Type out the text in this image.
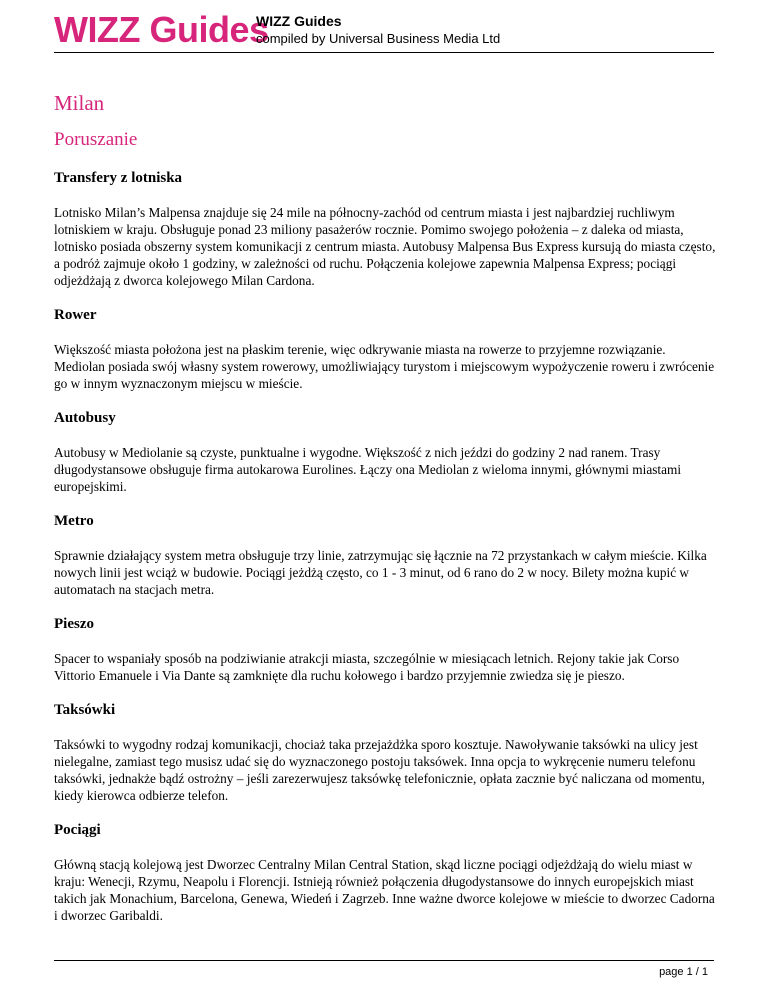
WIZZ Guides
WIZZ Guides
compiled by Universal Business Media Ltd
Milan
Poruszanie
Transfery z lotniska

Lotnisko Milan’s Malpensa znajduje się 24 mile na północny-zachód od centrum miasta i jest najbardziej ruchliwym lotniskiem w kraju. Obsługuje ponad 23 miliony pasażerów rocznie. Pomimo swojego położenia – z daleka od miasta, lotnisko posiada obszerny system komunikacji z centrum miasta. Autobusy Malpensa Bus Express kursują do miasta często, a podróż zajmuje około 1 godziny, w zależności od ruchu. Połączenia kolejowe zapewnia Malpensa Express; pociągi odjeżdżają z dworca kolejowego Milan Cardona.

Rower

Większość miasta położona jest na płaskim terenie, więc odkrywanie miasta na rowerze to przyjemne rozwiązanie. Mediolan posiada swój własny system rowerowy, umożliwiający turystom i miejscowym wypożyczenie roweru i zwrócenie go w innym wyznaczonym miejscu w mieście.

Autobusy

Autobusy w Mediolanie są czyste, punktualne i wygodne. Większość z nich jeździ do godziny 2 nad ranem. Trasy długodystansowe obsługuje firma autokarowa Eurolines. Łączy ona Mediolan z wieloma innymi, głównymi miastami europejskimi.

Metro

Sprawnie działający system metra obsługuje trzy linie, zatrzymując się łącznie na 72 przystankach w całym mieście. Kilka nowych linii jest wciąż w budowie. Pociągi jeżdżą często, co 1 - 3 minut, od 6 rano do 2 w nocy. Bilety można kupić w automatach na stacjach metra.

Pieszo

Spacer to wspaniały sposób na podziwianie atrakcji miasta, szczególnie w miesiącach letnich. Rejony takie jak Corso Vittorio Emanuele i Via Dante są zamknięte dla ruchu kołowego i bardzo przyjemnie zwiedza się je pieszo.

Taksówki

Taksówki to wygodny rodzaj komunikacji, chociaż taka przejażdżka sporo kosztuje. Nawoływanie taksówki na ulicy jest nielegalne, zamiast tego musisz udać się do wyznaczonego postoju taksówek. Inna opcja to wykręcenie numeru telefonu taksówki, jednakże bądź ostrożny – jeśli zarezerwujesz taksówkę telefonicznie, opłata zacznie być naliczana od momentu, kiedy kierowca odbierze telefon.

Pociągi

Główną stacją kolejową jest Dworzec Centralny Milan Central Station, skąd liczne pociągi odjeżdżają do wielu miast w kraju: Wenecji, Rzymu, Neapolu i Florencji. Istnieją również połączenia długodystansowe do innych europejskich miast takich jak Monachium, Barcelona, Genewa, Wiedeń i Zagrzeb. Inne ważne dworce kolejowe w mieście to dworzec Cadorna i dworzec Garibaldi.

page 1 / 1
